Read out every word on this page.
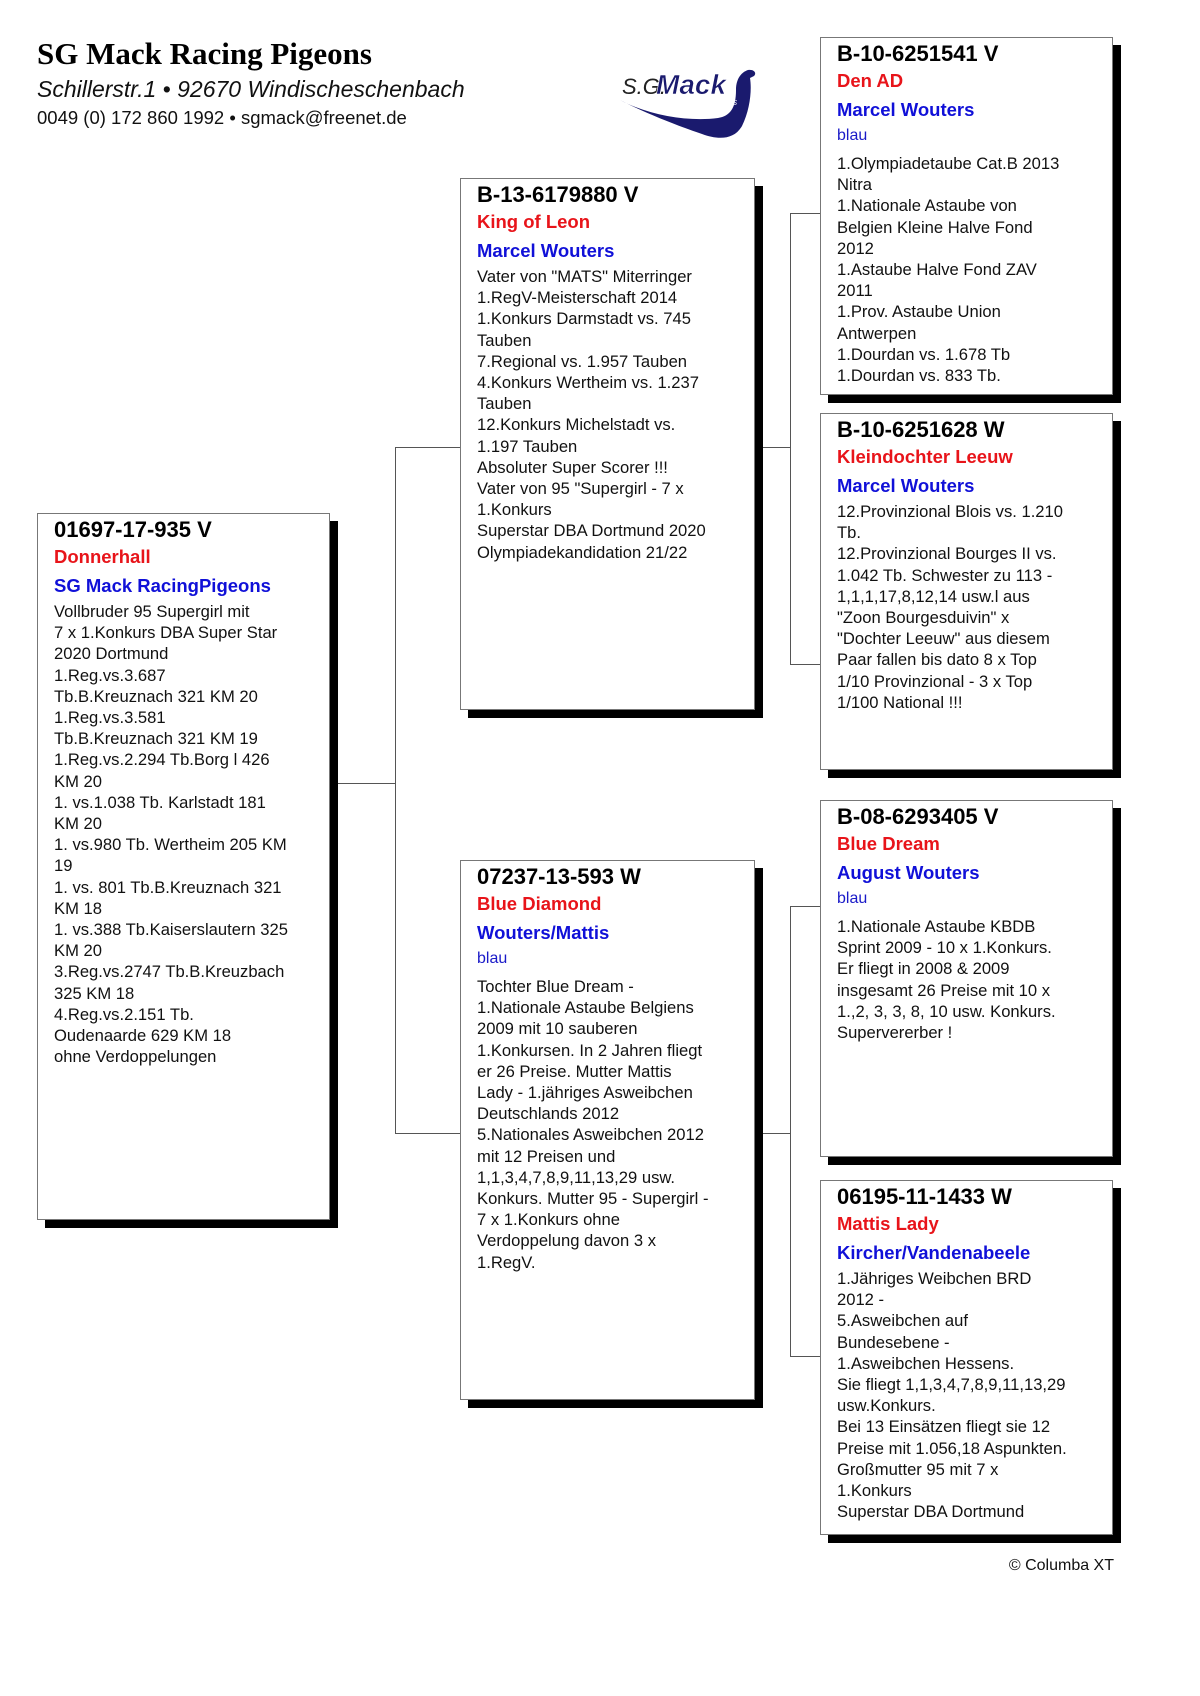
SG Mack Racing Pigeons
Schillerstr.1 • 92670 Windischeschenbach
0049 (0) 172 860 1992 • sgmack@freenet.de
S.G.
Mack
RACING PIGEONS
01697-17-935 V
Donnerhall
SG Mack RacingPigeons
Vollbruder 95 Supergirl mit
7 x 1.Konkurs DBA Super Star
2020 Dortmund
1.Reg.vs.3.687
Tb.B.Kreuznach 321 KM 20
1.Reg.vs.3.581
Tb.B.Kreuznach 321 KM 19
1.Reg.vs.2.294 Tb.Borg l 426
KM 20
1. vs.1.038 Tb. Karlstadt 181
KM 20
1. vs.980 Tb. Wertheim 205 KM
19
1. vs. 801 Tb.B.Kreuznach 321
KM 18
1. vs.388 Tb.Kaiserslautern 325
KM 20
3.Reg.vs.2747 Tb.B.Kreuzbach
325 KM 18
4.Reg.vs.2.151 Tb.
Oudenaarde 629 KM 18
ohne Verdoppelungen
B-13-6179880 V
King of Leon
Marcel Wouters
Vater von "MATS" Miterringer
1.RegV-Meisterschaft 2014
1.Konkurs Darmstadt vs. 745
Tauben
7.Regional vs. 1.957 Tauben
4.Konkurs Wertheim vs. 1.237
Tauben
12.Konkurs Michelstadt vs.
1.197 Tauben
Absoluter Super Scorer !!!
Vater von 95 "Supergirl - 7 x
1.Konkurs
Superstar DBA Dortmund 2020
Olympiadekandidation 21/22
07237-13-593 W
Blue Diamond
Wouters/Mattis
blau
Tochter Blue Dream -
1.Nationale Astaube Belgiens
2009 mit 10 sauberen
1.Konkursen. In 2 Jahren fliegt
er 26 Preise. Mutter Mattis
Lady - 1.jähriges Asweibchen
Deutschlands 2012
5.Nationales Asweibchen 2012
mit 12 Preisen und
1,1,3,4,7,8,9,11,13,29 usw.
Konkurs. Mutter 95 - Supergirl -
7 x 1.Konkurs ohne
Verdoppelung davon 3 x
1.RegV.
B-10-6251541 V
Den AD
Marcel Wouters
blau
1.Olympiadetaube Cat.B 2013
Nitra
1.Nationale Astaube von
Belgien Kleine Halve Fond
2012
1.Astaube Halve Fond ZAV
2011
1.Prov. Astaube Union
Antwerpen
1.Dourdan vs. 1.678 Tb
1.Dourdan vs. 833 Tb.
B-10-6251628 W
Kleindochter Leeuw
Marcel Wouters
12.Provinzional Blois vs. 1.210
Tb.
12.Provinzional Bourges II vs.
1.042 Tb. Schwester zu 113 -
1,1,1,17,8,12,14 usw.l aus
"Zoon Bourgesduivin" x
"Dochter Leeuw" aus diesem
Paar fallen bis dato 8 x Top
1/10 Provinzional - 3 x Top
1/100 National !!!
B-08-6293405 V
Blue Dream
August Wouters
blau
1.Nationale Astaube KBDB
Sprint 2009 - 10 x 1.Konkurs.
Er fliegt in 2008 & 2009
insgesamt 26 Preise mit 10 x
1.,2, 3, 3, 8, 10 usw. Konkurs.
Supervererber !
06195-11-1433 W
Mattis Lady
Kircher/Vandenabeele
1.Jähriges Weibchen BRD
2012 -
5.Asweibchen auf
Bundesebene -
1.Asweibchen Hessens.
Sie fliegt 1,1,3,4,7,8,9,11,13,29
usw.Konkurs.
Bei 13 Einsätzen fliegt sie 12
Preise mit 1.056,18 Aspunkten.
Großmutter 95 mit 7 x
1.Konkurs
Superstar DBA Dortmund
© Columba XT
